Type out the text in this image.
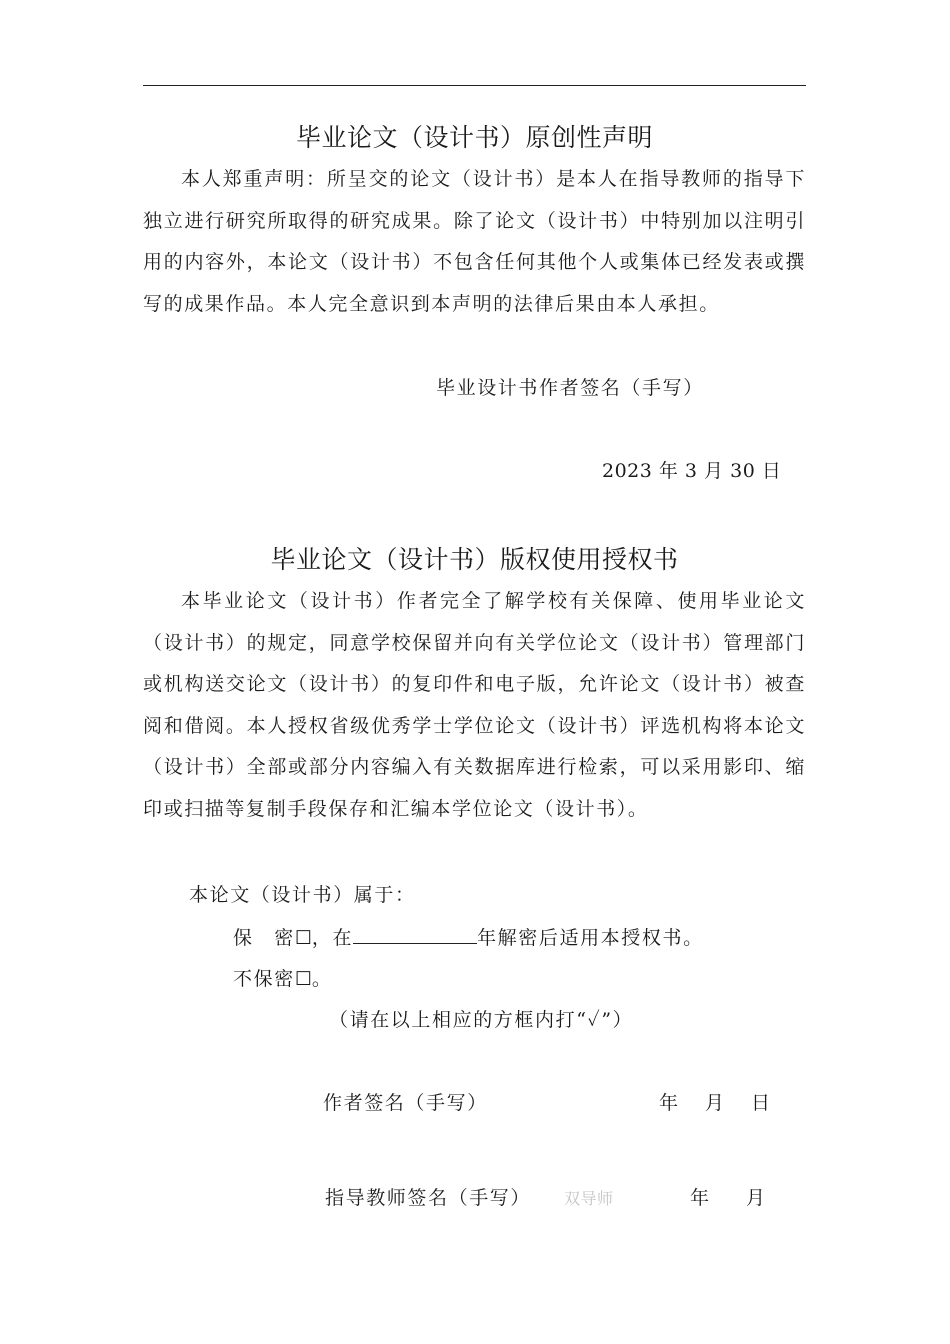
毕业论文（设计书）原创性声明

本人郑重声明：所呈交的论文（设计书）是本人在指导教师的指导下独立进行研究所取得的研究成果。除了论文（设计书）中特别加以注明引用的内容外，本论文（设计书）不包含任何其他个人或集体已经发表或撰写的成果作品。本人完全意识到本声明的法律后果由本人承担。

毕业设计书作者签名（手写）
2023 年 3 月 30 日
毕业论文（设计书）版权使用授权书

本毕业论文（设计书）作者完全了解学校有关保障、使用毕业论文（设计书）的规定，同意学校保留并向有关学位论文（设计书）管理部门或机构送交论文（设计书）的复印件和电子版，允许论文（设计书）被查阅和借阅。本人授权省级优秀学士学位论文（设计书）评选机构将本论文（设计书）全部或部分内容编入有关数据库进行检索，可以采用影印、缩印或扫描等复制手段保存和汇编本学位论文（设计书）。

本论文（设计书）属于：
保　密☐，在	年解密后适用本授权书。
不保密☐。
（请在以上相应的方框内打“✓”）
作者签名（手写）	年　月　日
指导教师签名（手写） 双导师	年　 月
